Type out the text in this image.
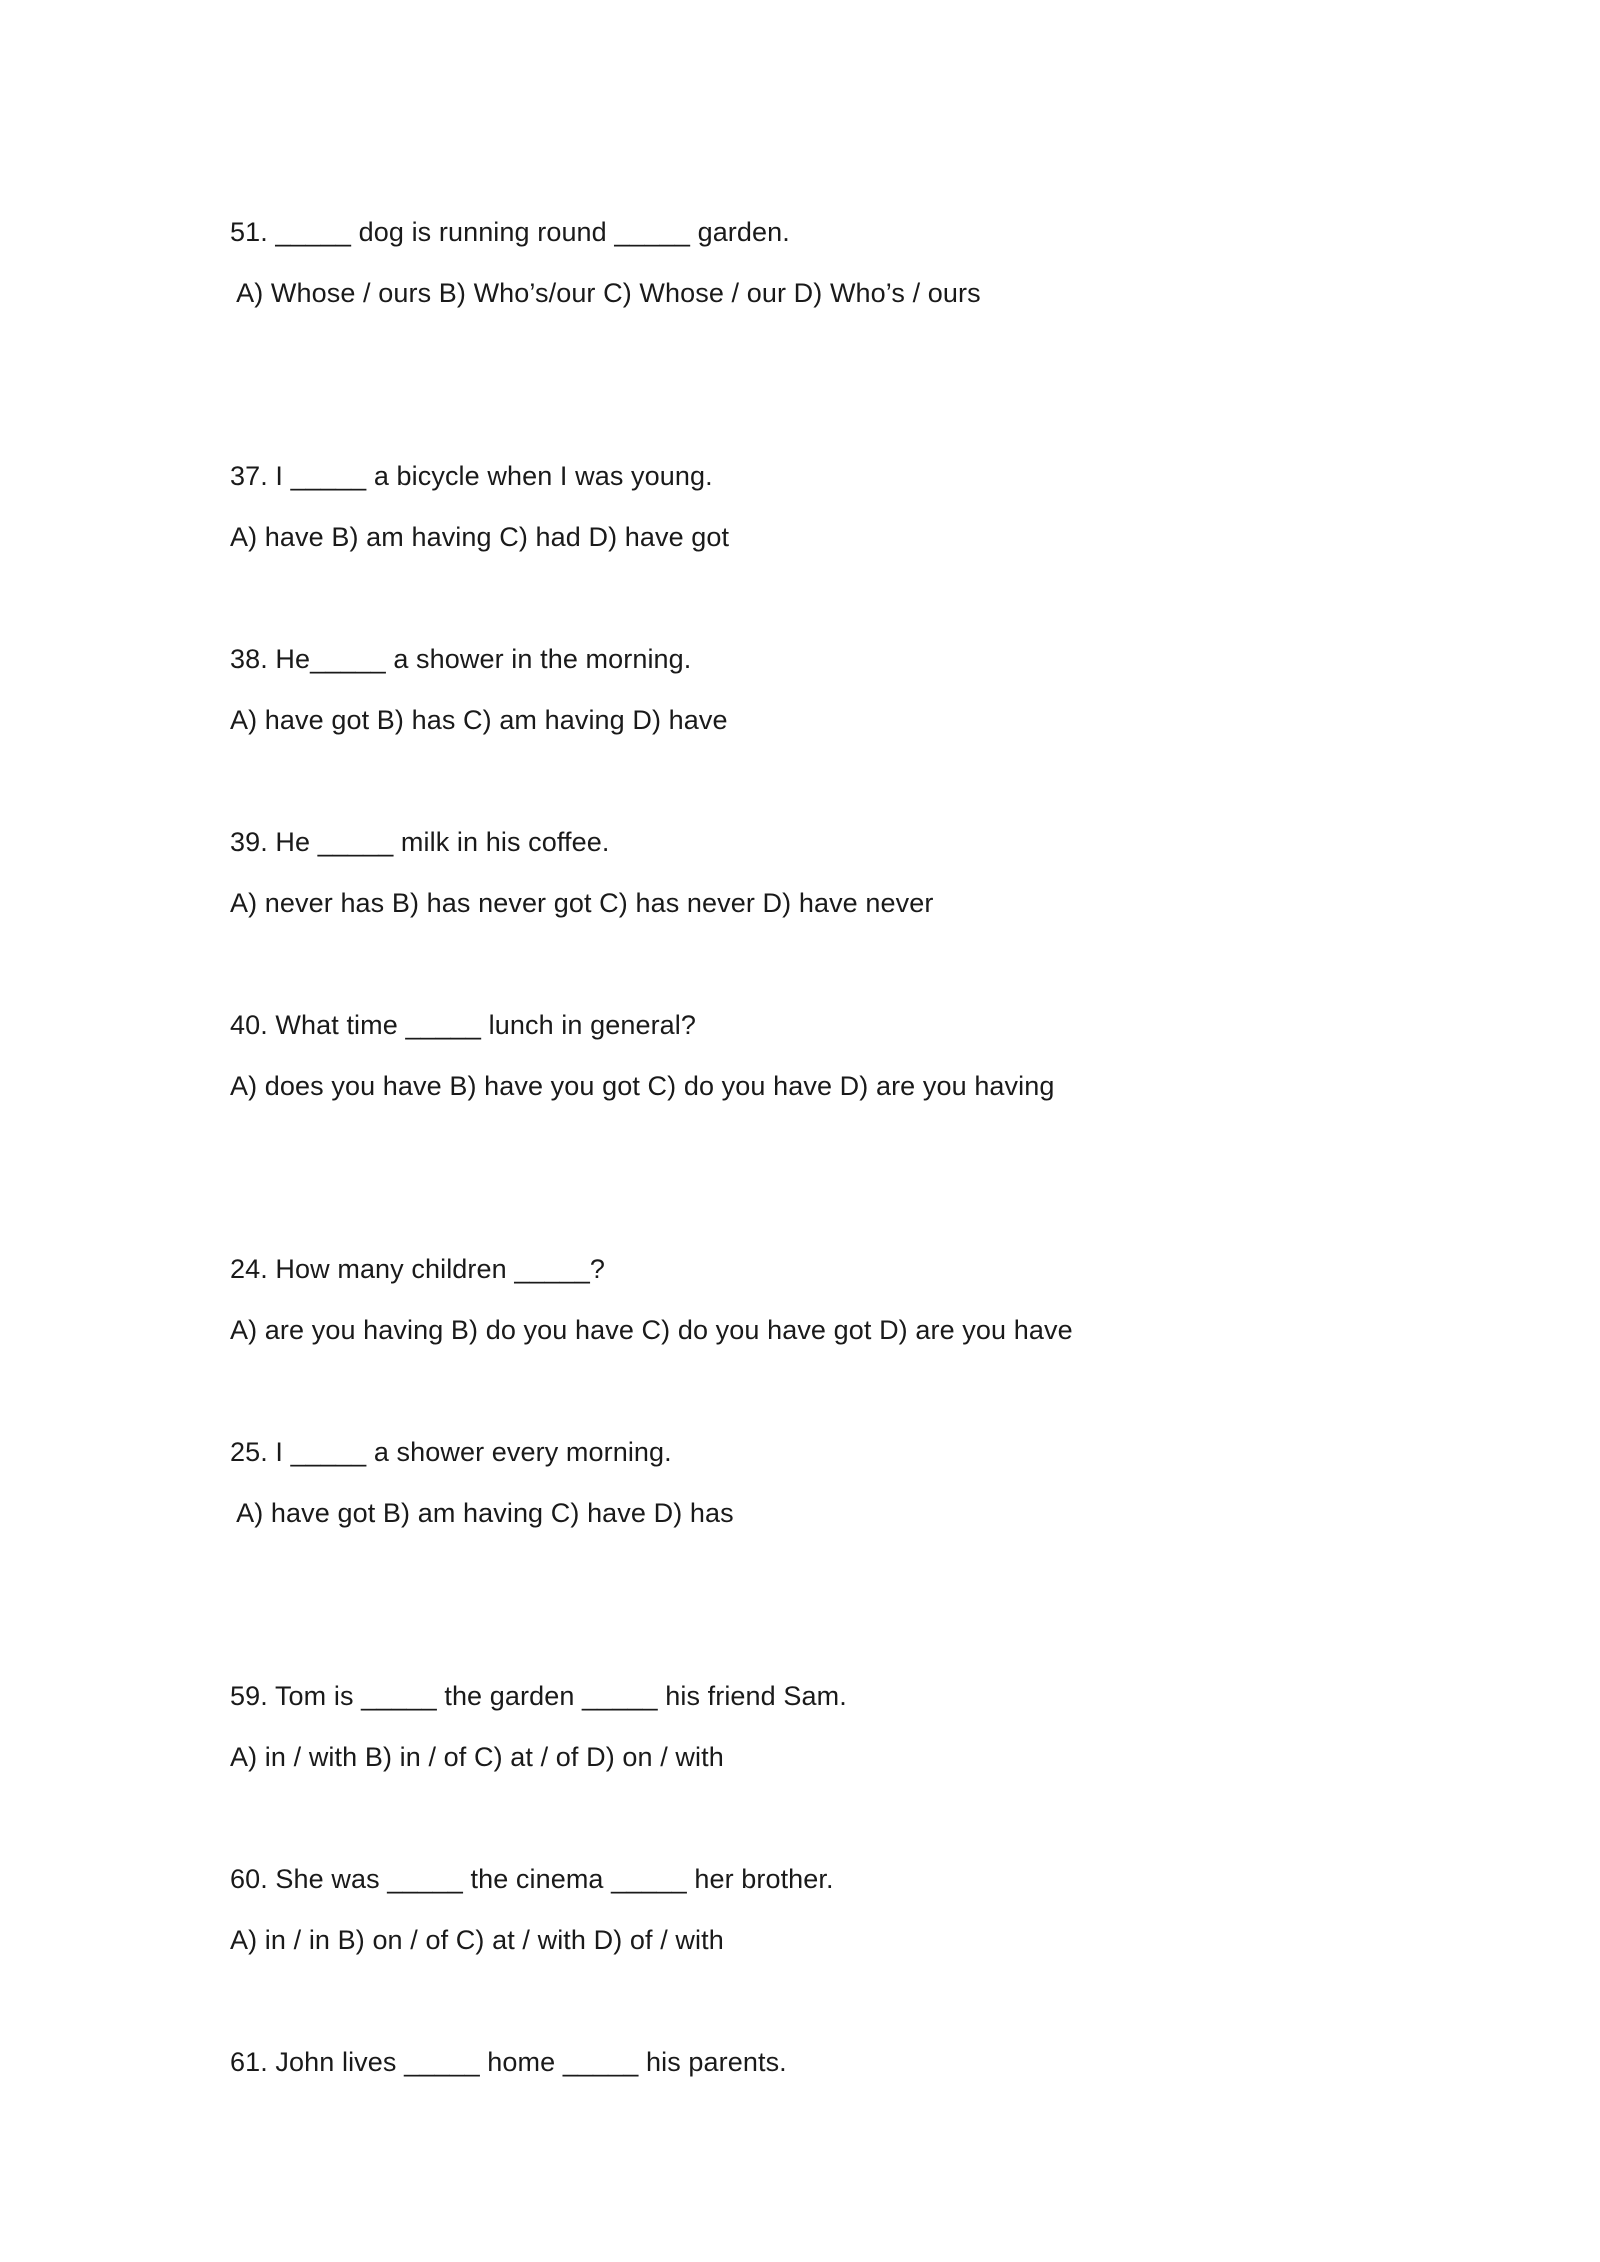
51. _____ dog is running round _____ garden.
A) Whose / ours B) Who’s/our C) Whose / our D) Who’s / ours
37. I _____ a bicycle when I was young.
A) have B) am having C) had D) have got
38. He_____ a shower in the morning.
A) have got B) has C) am having D) have
39. He _____ milk in his coffee.
A) never has B) has never got C) has never D) have never
40. What time _____ lunch in general?
A) does you have B) have you got C) do you have D) are you having
24. How many children _____?
A) are you having B) do you have C) do you have got D) are you have
25. I _____ a shower every morning.
A) have got B) am having C) have D) has
59. Tom is _____ the garden _____ his friend Sam.
A) in / with B) in / of C) at / of D) on / with
60. She was _____ the cinema _____ her brother.
A) in / in B) on / of C) at / with D) of / with
61. John lives _____ home _____ his parents.
